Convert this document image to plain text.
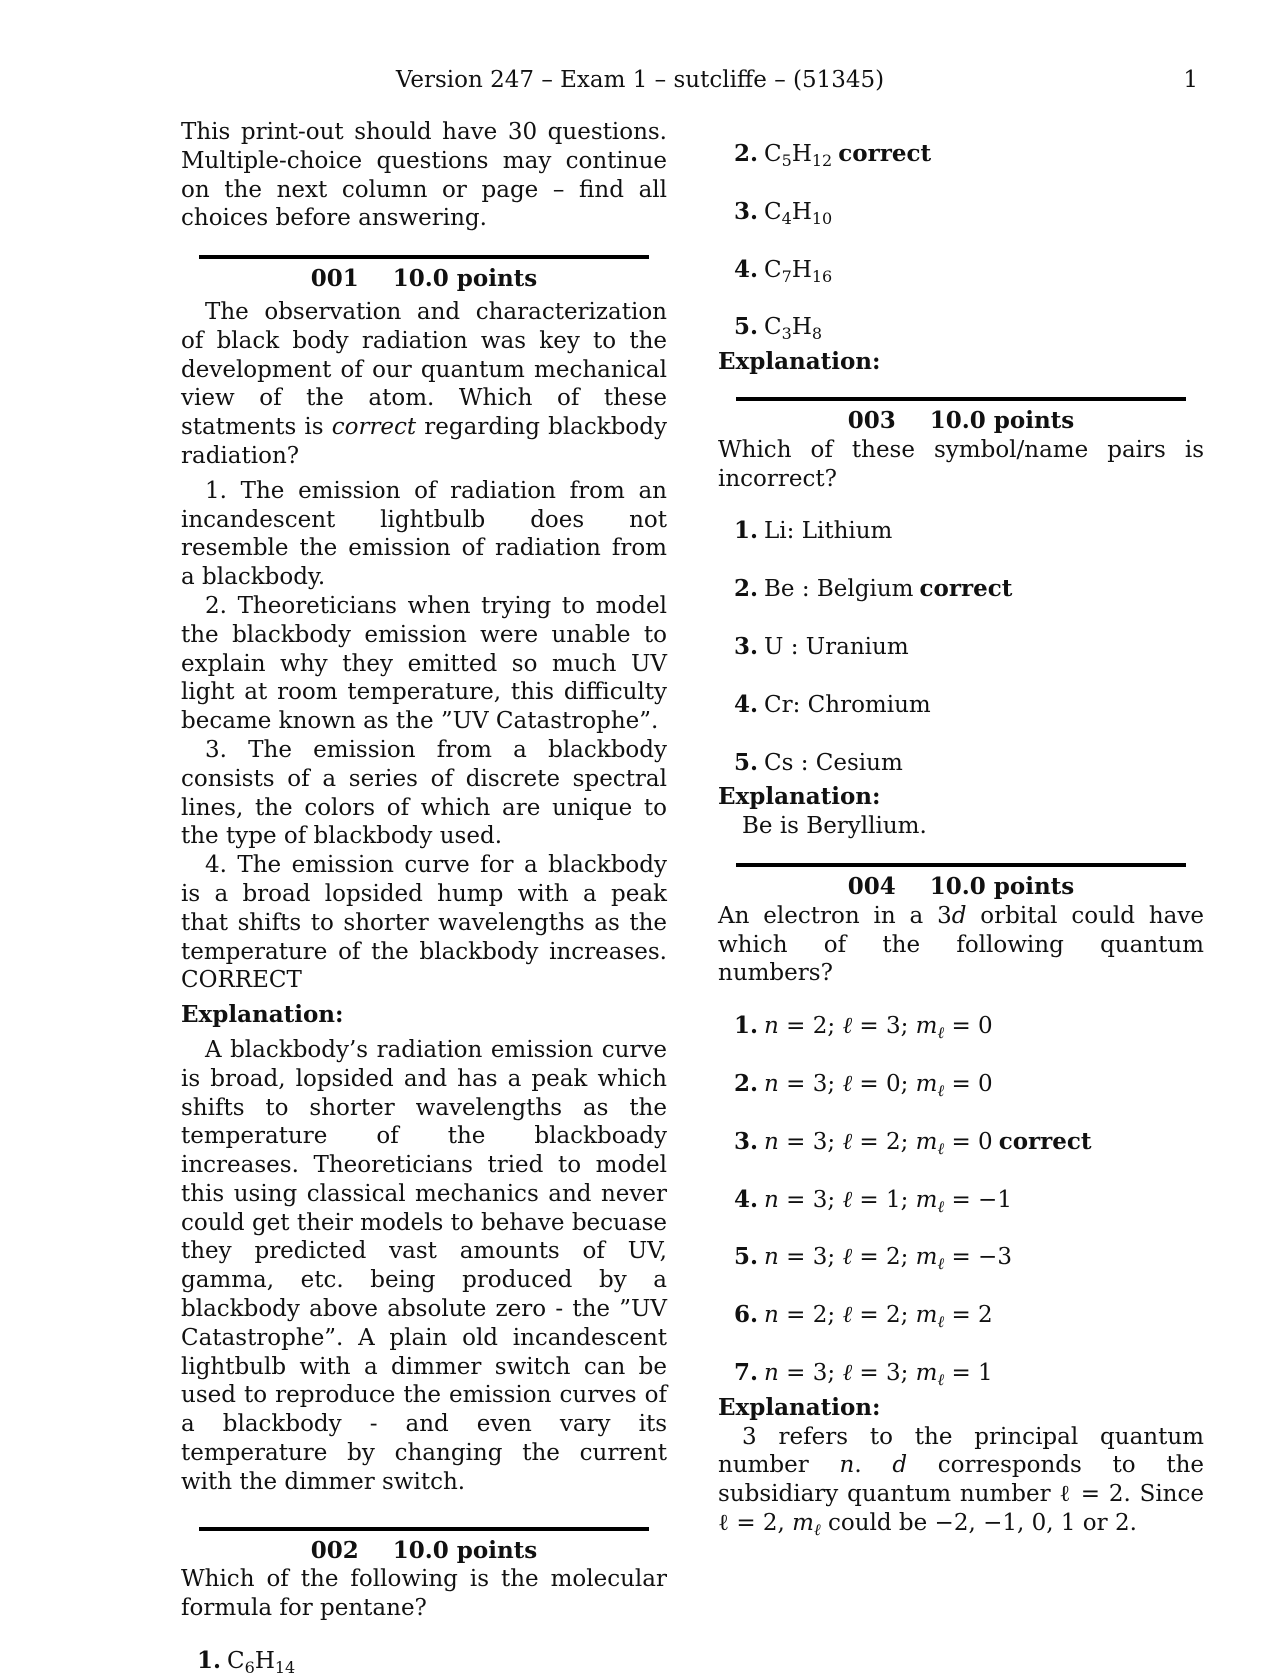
Version 247 – Exam 1 – sutcliffe – (51345)	1

This print-out should have 30 questions. Multiple-choice questions may continue on the next column or page – find all choices before answering.

001 10.0 points

The observation and characterization of black body radiation was key to the development of our quantum mechanical view of the atom. Which of these statments is correct regarding blackbody radiation?

1. The emission of radiation from an incandescent lightbulb does not resemble the emission of radiation from a blackbody.

2. Theoreticians when trying to model the blackbody emission were unable to explain why they emitted so much UV light at room temperature, this difficulty became known as the ”UV Catastrophe”.

3. The emission from a blackbody consists of a series of discrete spectral lines, the colors of which are unique to the type of blackbody used.

4. The emission curve for a blackbody is a broad lopsided hump with a peak that shifts to shorter wavelengths as the temperature of the blackbody increases. CORRECT

Explanation:

A blackbody’s radiation emission curve is broad, lopsided and has a peak which shifts to shorter wavelengths as the temperature of the blackboady increases. Theoreticians tried to model this using classical mechanics and never could get their models to behave becuase they predicted vast amounts of UV, gamma, etc. being produced by a blackbody above absolute zero - the ”UV Catastrophe”. A plain old incandescent lightbulb with a dimmer switch can be used to reproduce the emission curves of a blackbody - and even vary its temperature by changing the current with the dimmer switch.

002 10.0 points

Which of the following is the molecular formula for pentane?

1. $C_6H_{14}$
2. $C_5H_{12}$ correct
3. $C_4H_{10}$
4. $C_7H_{16}$
5. $C_3H_8$
Explanation:
003 10.0 points

Which of these symbol/name pairs is incorrect?

1. Li: Lithium
2. Be : Belgium correct
3. U : Uranium
4. Cr: Chromium
5. Cs : Cesium
Explanation:

Be is Beryllium.

004 10.0 points

An electron in a 3d orbital could have which of the following quantum numbers?

1. n = 2; ℓ = 3; $m_\ell = 0$
2. n = 3; ℓ = 0; $m_\ell = 0$
3. n = 3; ℓ = 2; $m_\ell = 0$ correct
4. n = 3; ℓ = 1; $m_\ell = -1$
5. n = 3; ℓ = 2; $m_\ell = -3$
6. n = 2; ℓ = 2; $m_\ell = 2$
7. n = 3; ℓ = 3; $m_\ell = 1$
Explanation:

3 refers to the principal quantum number n. d corresponds to the subsidiary quantum number ℓ = 2. Since ℓ = 2, $m_\ell$ could be −2, −1, 0, 1 or 2.
